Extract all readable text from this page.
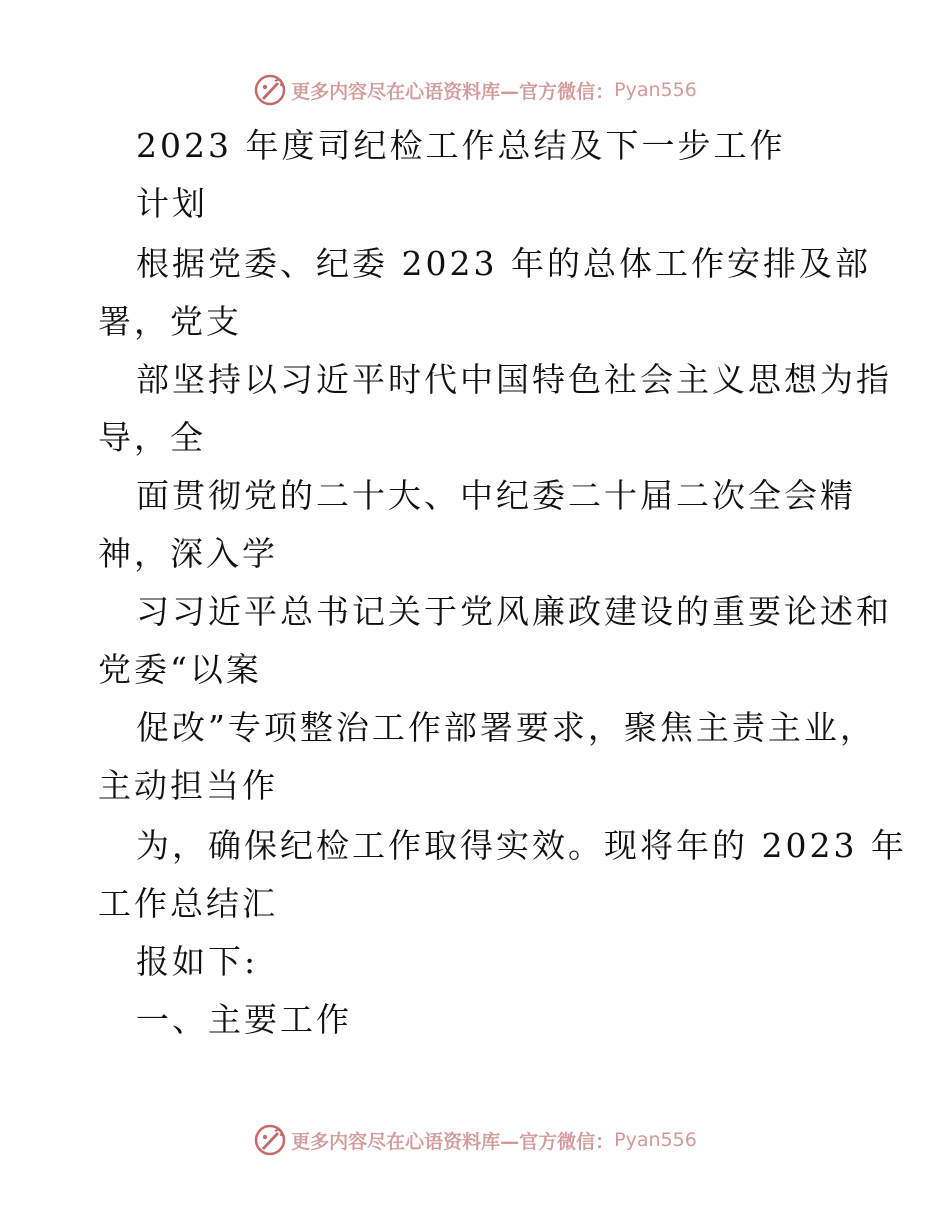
更多内容尽在心语资料库—官方微信： Pyan556
2023 年度司纪检工作总结及下一步工作
计划
根据党委、纪委 2023 年的总体工作安排及部
署，党支
部坚持以习近平时代中国特色社会主义思想为指
导，全
面贯彻党的二十大、中纪委二十届二次全会精
神，深入学
习习近平总书记关于党风廉政建设的重要论述和
党委“以案
促改”专项整治工作部署要求，聚焦主责主业，
主动担当作
为，确保纪检工作取得实效。现将年的 2023 年
工作总结汇
报如下:
一、主要工作
更多内容尽在心语资料库—官方微信： Pyan556
